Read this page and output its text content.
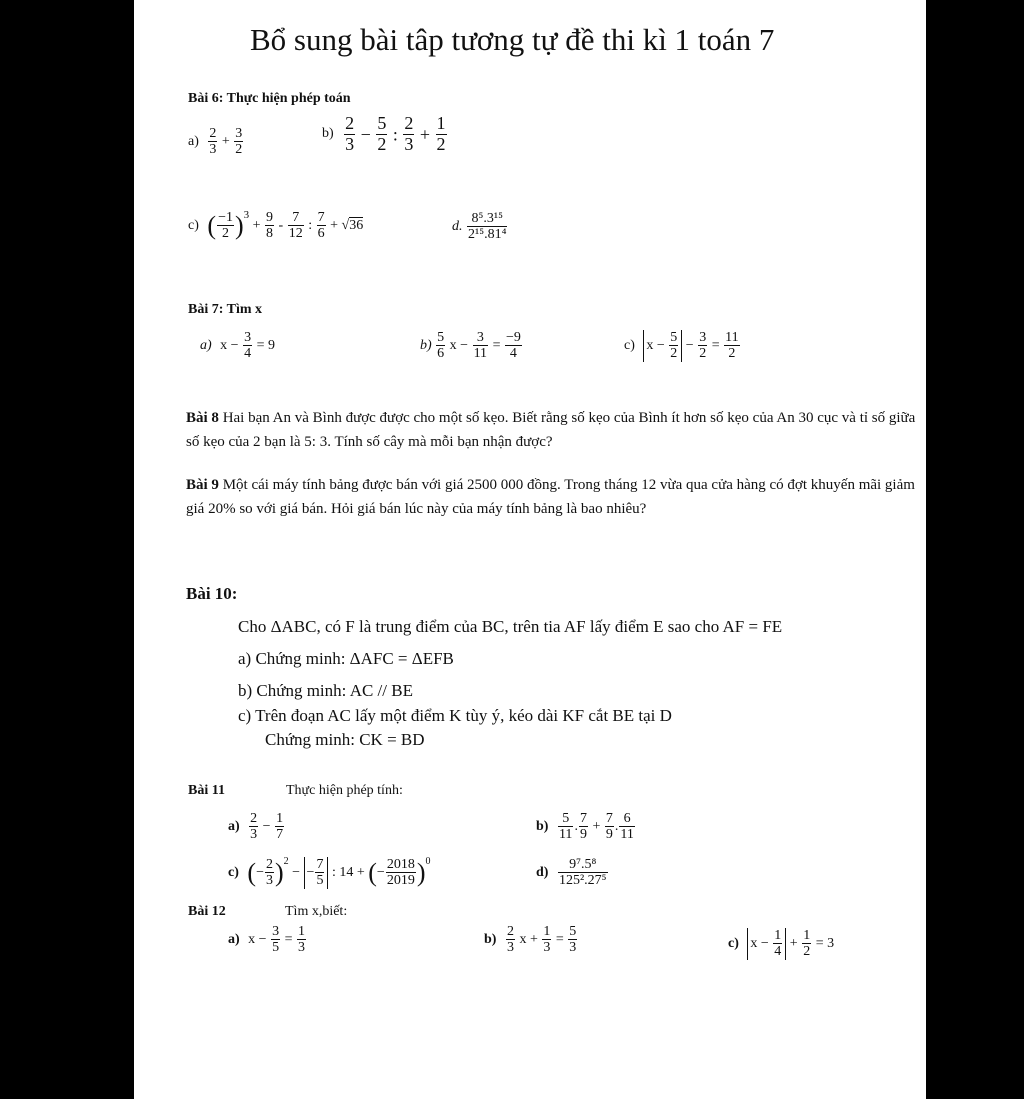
Bổ sung bài tâp tương tự đề thi kì 1 toán 7
Bài 6: Thực hiện phép toán
$a) \frac{2}{3} + \frac{3}{2}$	$b) \frac{2}{3} - \frac{5}{2}$ : $\frac{2}{3} + \frac{1}{2}$
c) ( $\frac{-1}{2} )^3 + \frac{9}{8} - \frac{7}{12}$ : $\frac{7}{6} + √36$	d. $\frac{\text{8⁵.3¹⁵}}{\text{2¹⁵.81⁴}}$
Bài 7: Tìm x
a) $x - \frac{3}{4} = 9$	$b) \frac{5}{6}$ $x - \frac{3}{11} = \frac{-9}{4}$	c) $x - \frac{5}{2} - \frac{3}{2} = \frac{11}{2}$
Bài 8 Hai bạn An và Bình được được cho một số kẹo. Biết rằng số kẹo của Bình ít hơn số kẹo của An 30 cục và tỉ số giữa số kẹo của 2 bạn là 5: 3. Tính số cây mà mỗi bạn nhận được?
Bài 9 Một cái máy tính bảng được bán với giá 2500 000 đồng. Trong tháng 12 vừa qua cửa hàng có đợt khuyến mãi giảm giá 20% so với giá bán. Hỏi giá bán lúc này của máy tính bảng là bao nhiêu?
Bài 10:
Cho ΔABC, có F là trung điểm của BC, trên tia AF lấy điểm E sao cho AF = FE
a) Chứng minh: ΔAFC = ΔEFB
b) Chứng minh: AC // BE
c) Trên đoạn AC lấy một điểm K tùy ý, kéo dài KF cắt BE tại D
Chứng minh: CK = BD
Bài 11	Thực hiện phép tính:
$a) \frac{2}{3} - \frac{1}{7}$	$b) \frac{5}{11}$ . $\frac{7}{9} + \frac{7}{9}$ . $\frac{6}{11}$
c) (− $\frac{2}{3} )^2$ − − $\frac{7}{5}$ : 14 + (− $\frac{2018}{2019} )^0$
$d) \frac{\text{9⁷.5⁸}}{\text{125².27⁵}}$
Bài 12	Tìm x,biết:
a) $x - \frac{3}{5} = \frac{1}{3}$	$b) \frac{2}{3}$ $x + \frac{1}{3} = \frac{5}{3}$	c) $x - \frac{1}{4} + \frac{1}{2} = 3$
